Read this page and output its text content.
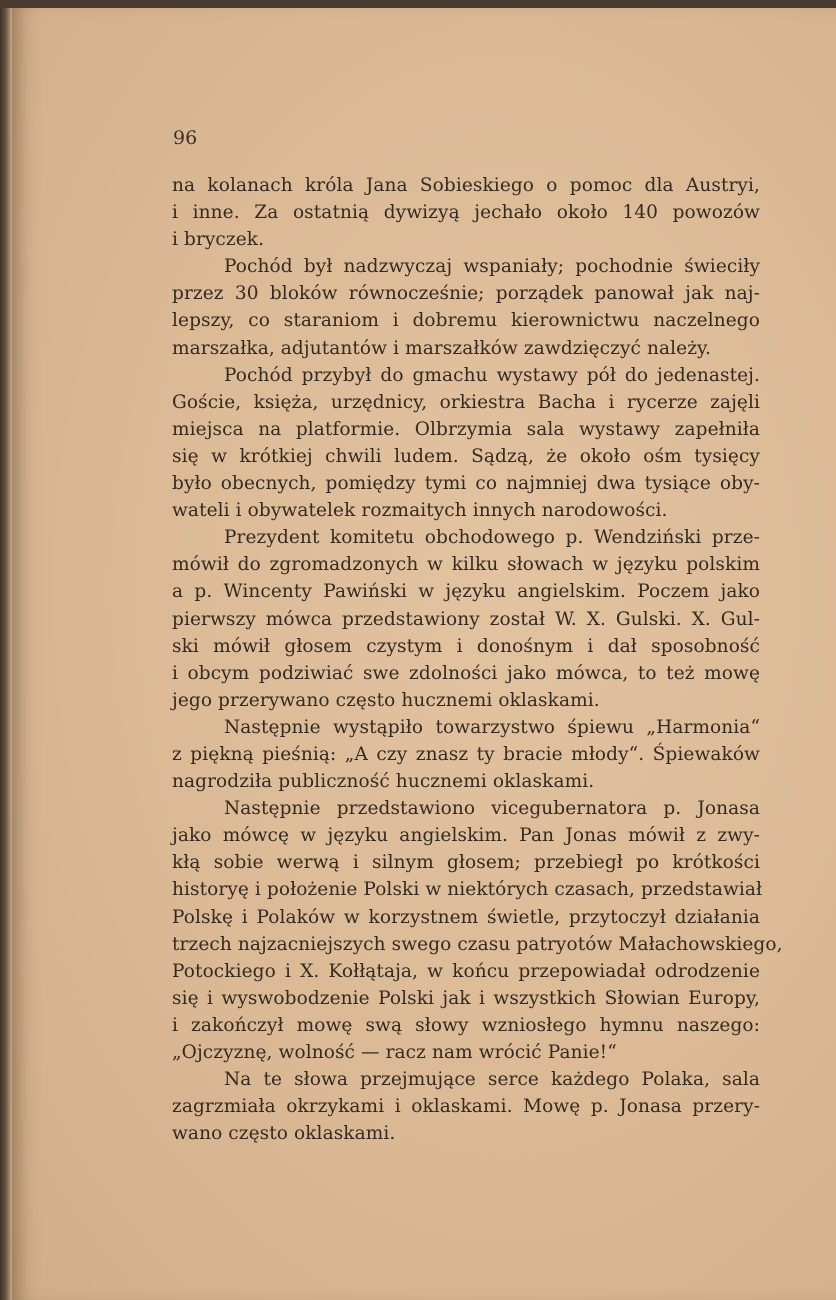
96
na kolanach króla Jana Sobieskiego o pomoc dla Austryi,
i inne. Za ostatnią dywizyą jechało około 140 powozów
i bryczek.
Pochód był nadzwyczaj wspaniały; pochodnie świeciły
przez 30 bloków równocześnie; porządek panował jak naj-
lepszy, co staraniom i dobremu kierownictwu naczelnego
marszałka, adjutantów i marszałków zawdzięczyć należy.
Pochód przybył do gmachu wystawy pół do jedenastej.
Goście, księża, urzędnicy, orkiestra Bacha i rycerze zajęli
miejsca na platformie. Olbrzymia sala wystawy zapełniła
się w krótkiej chwili ludem. Sądzą, że około ośm tysięcy
było obecnych, pomiędzy tymi co najmniej dwa tysiące oby-
wateli i obywatelek rozmaitych innych narodowości.
Prezydent komitetu obchodowego p. Wendziński prze-
mówił do zgromadzonych w kilku słowach w języku polskim
a p. Wincenty Pawiński w języku angielskim. Poczem jako
pierwszy mówca przedstawiony został W. X. Gulski. X. Gul-
ski mówił głosem czystym i donośnym i dał sposobność
i obcym podziwiać swe zdolności jako mówca, to też mowę
jego przerywano często hucznemi oklaskami.
Następnie wystąpiło towarzystwo śpiewu „Harmonia“
z piękną pieśnią: „A czy znasz ty bracie młody“. Śpiewaków
nagrodziła publiczność hucznemi oklaskami.
Następnie przedstawiono vicegubernatora p. Jonasa
jako mówcę w języku angielskim. Pan Jonas mówił z zwy-
kłą sobie werwą i silnym głosem; przebiegł po krótkości
historyę i położenie Polski w niektórych czasach, przedstawiał
Polskę i Polaków w korzystnem świetle, przytoczył działania
trzech najzacniejszych swego czasu patryotów Małachowskiego,
Potockiego i X. Kołłątaja, w końcu przepowiadał odrodzenie
się i wyswobodzenie Polski jak i wszystkich Słowian Europy,
i zakończył mowę swą słowy wzniosłego hymnu naszego:
„Ojczyznę, wolność — racz nam wrócić Panie!“
Na te słowa przejmujące serce każdego Polaka, sala
zagrzmiała okrzykami i oklaskami. Mowę p. Jonasa przery-
wano często oklaskami.
